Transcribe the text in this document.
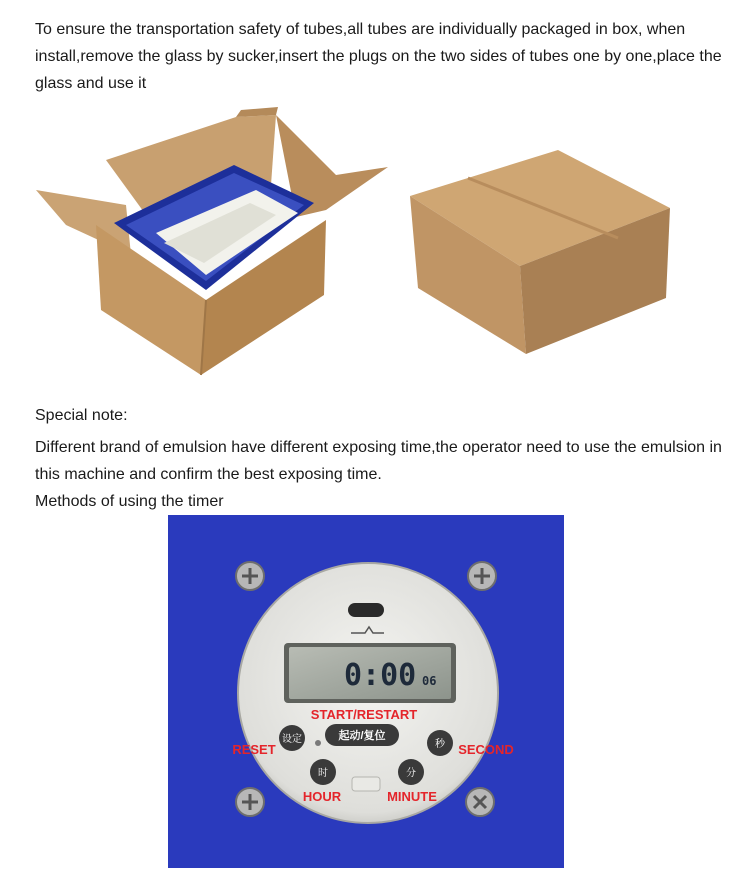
To ensure the transportation safety of tubes,all tubes are individually packaged in box, when install,remove the glass by sucker,insert the plugs on the two sides of tubes one by one,place the glass and use it

Special note:

Different brand of emulsion have different exposing time,the operator need to use the emulsion in this machine and confirm the best exposing time.

Methods of using the timer

0:00 06
START/RESTART
起动/复位
RESET
设定
SECOND
秒
时
HOUR
分
MINUTE
